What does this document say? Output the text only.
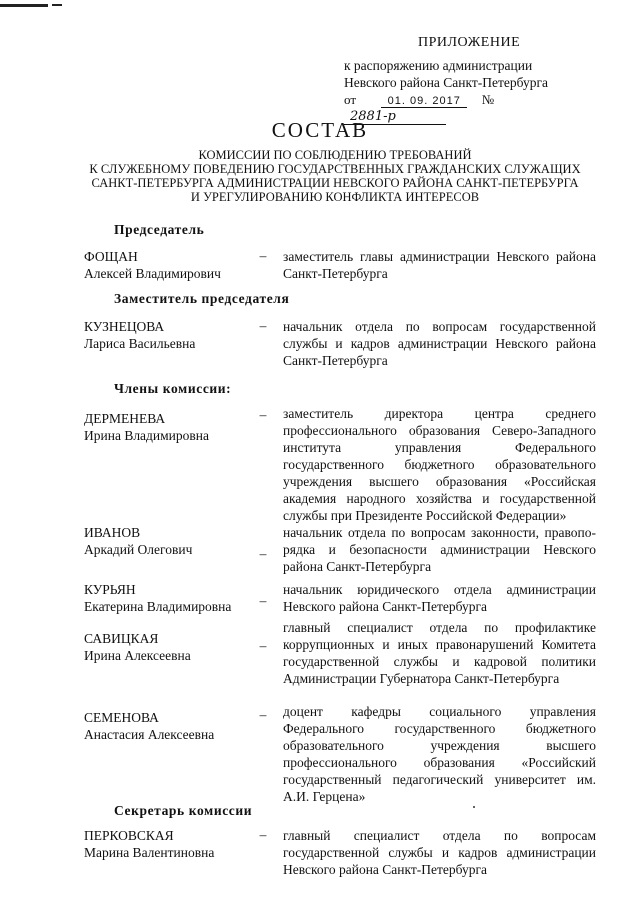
ПРИЛОЖЕНИЕ
к распоряжению администрации
Невского района Санкт-Петербурга
от	01. 09. 2017 № 2881-р
СОСТАВ
КОМИССИИ ПО СОБЛЮДЕНИЮ ТРЕБОВАНИЙ
К СЛУЖЕБНОМУ ПОВЕДЕНИЮ ГОСУДАРСТВЕННЫХ ГРАЖДАНСКИХ СЛУЖАЩИХ
САНКТ-ПЕТЕРБУРГА АДМИНИСТРАЦИИ НЕВСКОГО РАЙОНА САНКТ-ПЕТЕРБУРГА
И УРЕГУЛИРОВАНИЮ КОНФЛИКТА ИНТЕРЕСОВ
Председатель
ФОЩАН
Алексей Владимирович
– заместитель главы администрации Невского района Санкт-Петербурга
Заместитель председателя
КУЗНЕЦОВА
Лариса Васильевна
– начальник отдела по вопросам государственной службы и кадров администрации Невского района Санкт-Петербурга
Члены комиссии:
ДЕРМЕНЕВА
Ирина Владимировна
– заместитель директора центра среднего профессионального образования Северо-Западного института управления Федерального государственного бюджетного образовательного учреждения высшего образования «Российская академия народного хозяйства и государственной службы при Президенте Российской Федерации»
ИВАНОВ
Аркадий Олегович	–
начальник отдела по вопросам законности, правопо-рядка и безопасности администрации Невского района Санкт-Петербурга
КУРЬЯН
Екатерина Владимировна	–
начальник юридического отдела администрации Невского района Санкт-Петербурга
САВИЦКАЯ
Ирина Алексеевна
–
главный специалист отдела по профилактике коррупционных и иных правонарушений Комитета государственной службы и кадровой политики Администрации Губернатора Санкт-Петербурга
СЕМЕНОВА
Анастасия Алексеевна
– доцент кафедры социального управления Федерального государственного бюджетного образовательного учреждения высшего профессионального образования «Российский государственный педагогический университет им. А.И. Герцена»
Секретарь комиссии
ПЕРКОВСКАЯ
Марина Валентиновна
– главный специалист отдела по вопросам государственной службы и кадров администрации Невского района Санкт-Петербурга
